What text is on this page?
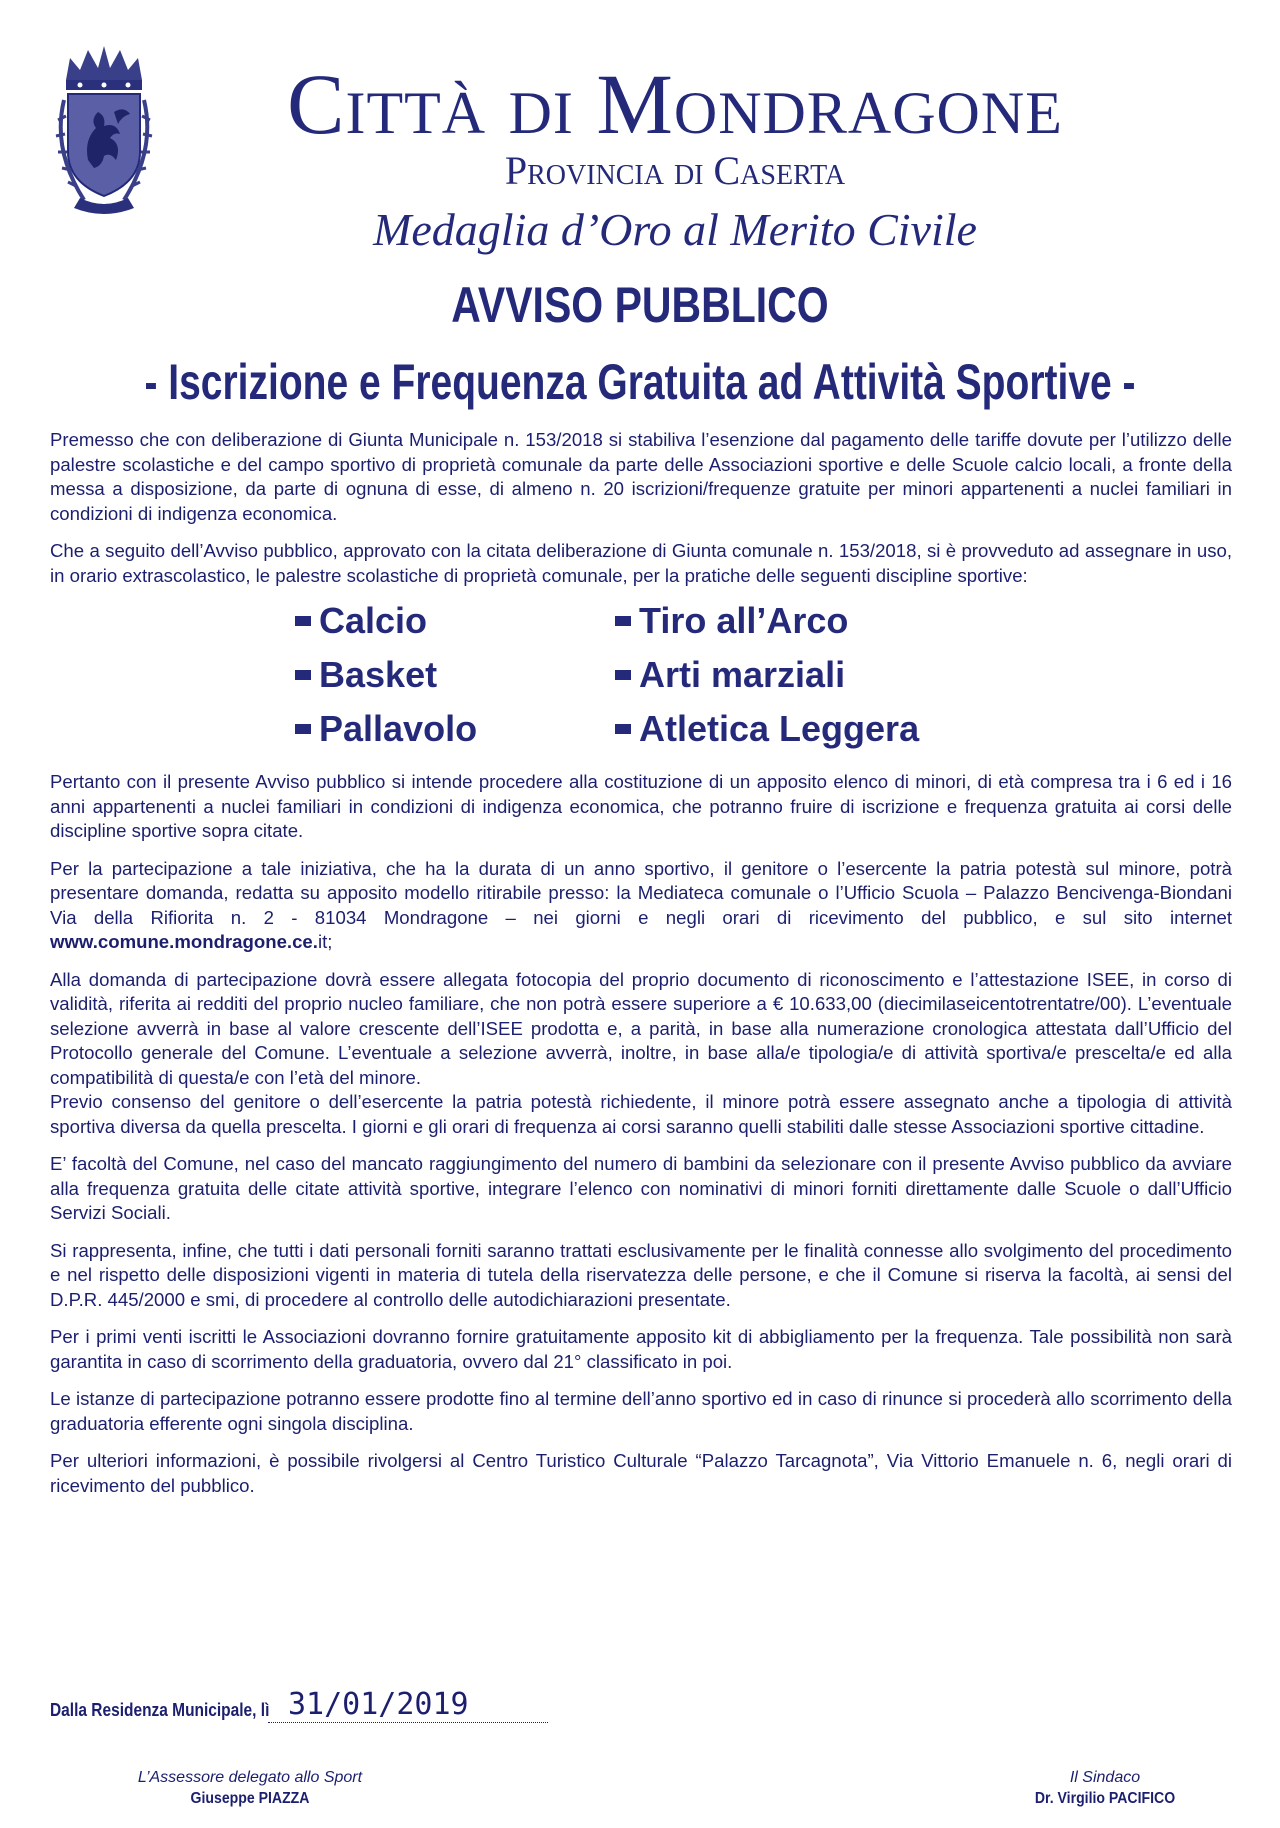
Città di Mondragone
Provincia di Caserta
Medaglia d’Oro al Merito Civile
AVVISO PUBBLICO
- Iscrizione e Frequenza Gratuita ad Attività Sportive -

Premesso che con deliberazione di Giunta Municipale n. 153/2018 si stabiliva l’esenzione dal pagamento delle tariffe dovute per l’utilizzo delle palestre scolastiche e del campo sportivo di proprietà comunale da parte delle Associazioni sportive e delle Scuole calcio locali, a fronte della messa a disposizione, da parte di ognuna di esse, di almeno n. 20 iscrizioni/frequenze gratuite per minori appartenenti a nuclei familiari in condizioni di indigenza economica.

Che a seguito dell’Avviso pubblico, approvato con la citata deliberazione di Giunta comunale n. 153/2018, si è provveduto ad assegnare in uso, in orario extrascolastico, le palestre scolastiche di proprietà comunale, per la pratiche delle seguenti discipline sportive:

Calcio	Tiro all’Arco
Basket	Arti marziali
Pallavolo	Atletica Leggera

Pertanto con il presente Avviso pubblico si intende procedere alla costituzione di un apposito elenco di minori, di età compresa tra i 6 ed i 16 anni appartenenti a nuclei familiari in condizioni di indigenza economica, che potranno fruire di iscrizione e frequenza gratuita ai corsi delle discipline sportive sopra citate.

Per la partecipazione a tale iniziativa, che ha la durata di un anno sportivo, il genitore o l’esercente la patria potestà sul minore, potrà presentare domanda, redatta su apposito modello ritirabile presso: la Mediateca comunale o l’Ufficio Scuola – Palazzo Bencivenga-Biondani Via della Rifiorita n. 2 - 81034 Mondragone – nei giorni e negli orari di ricevimento del pubblico, e sul sito internet www.comune.mondragone.ce.it;

Alla domanda di partecipazione dovrà essere allegata fotocopia del proprio documento di riconoscimento e l’attestazione ISEE, in corso di validità, riferita ai redditi del proprio nucleo familiare, che non potrà essere superiore a € 10.633,00 (diecimilaseicentotrentatre/00). L’eventuale selezione avverrà in base al valore crescente dell’ISEE prodotta e, a parità, in base alla numerazione cronologica attestata dall’Ufficio del Protocollo generale del Comune. L’eventuale a selezione avverrà, inoltre, in base alla/e tipologia/e di attività sportiva/e prescelta/e ed alla compatibilità di questa/e con l’età del minore.

Previo consenso del genitore o dell’esercente la patria potestà richiedente, il minore potrà essere assegnato anche a tipologia di attività sportiva diversa da quella prescelta. I giorni e gli orari di frequenza ai corsi saranno quelli stabiliti dalle stesse Associazioni sportive cittadine.

E’ facoltà del Comune, nel caso del mancato raggiungimento del numero di bambini da selezionare con il presente Avviso pubblico da avviare alla frequenza gratuita delle citate attività sportive, integrare l’elenco con nominativi di minori forniti direttamente dalle Scuole o dall’Ufficio Servizi Sociali.

Si rappresenta, infine, che tutti i dati personali forniti saranno trattati esclusivamente per le finalità connesse allo svolgimento del procedimento e nel rispetto delle disposizioni vigenti in materia di tutela della riservatezza delle persone, e che il Comune si riserva la facoltà, ai sensi del D.P.R. 445/2000 e smi, di procedere al controllo delle autodichiarazioni presentate.

Per i primi venti iscritti le Associazioni dovranno fornire gratuitamente apposito kit di abbigliamento per la frequenza. Tale possibilità non sarà garantita in caso di scorrimento della graduatoria, ovvero dal 21° classificato in poi.

Le istanze di partecipazione potranno essere prodotte fino al termine dell’anno sportivo ed in caso di rinunce si procederà allo scorrimento della graduatoria efferente ogni singola disciplina.

Per ulteriori informazioni, è possibile rivolgersi al Centro Turistico Culturale “Palazzo Tarcagnota”, Via Vittorio Emanuele n. 6, negli orari di ricevimento del pubblico.

Dalla Residenza Municipale, lì 31/01/2019
L’Assessore delegato allo Sport
Giuseppe PIAZZA
Il Sindaco
Dr. Virgilio PACIFICO
